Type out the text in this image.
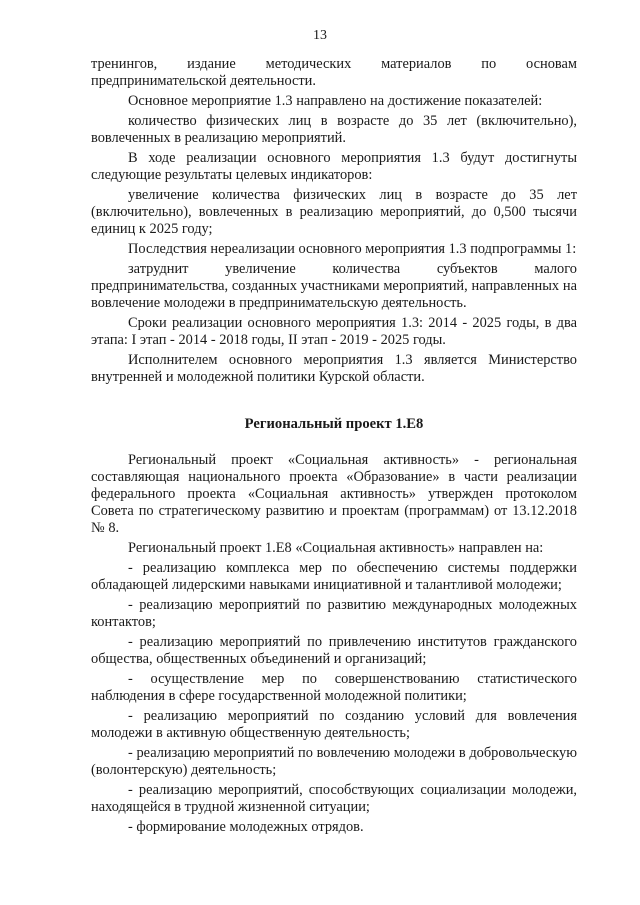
13

тренингов, издание методических материалов по основам предпринимательской деятельности.

Основное мероприятие 1.3 направлено на достижение показателей:

количество физических лиц в возрасте до 35 лет (включительно), вовлеченных в реализацию мероприятий.

В ходе реализации основного мероприятия 1.3 будут достигнуты следующие результаты целевых индикаторов:

увеличение количества физических лиц в возрасте до 35 лет (включительно), вовлеченных в реализацию мероприятий, до 0,500 тысячи единиц к 2025 году;

Последствия нереализации основного мероприятия 1.3 подпрограммы 1:

затруднит увеличение количества субъектов малого предпринимательства, созданных участниками мероприятий, направленных на вовлечение молодежи в предпринимательскую деятельность.

Сроки реализации основного мероприятия 1.3: 2014 - 2025 годы, в два этапа: I этап - 2014 - 2018 годы, II этап - 2019 - 2025 годы.

Исполнителем основного мероприятия 1.3 является Министерство внутренней и молодежной политики Курской области.

Региональный проект 1.Е8

Региональный проект «Социальная активность» - региональная составляющая национального проекта «Образование» в части реализации федерального проекта «Социальная активность» утвержден протоколом Совета по стратегическому развитию и проектам (программам) от 13.12.2018 № 8.

Региональный проект 1.Е8 «Социальная активность» направлен на:

- реализацию комплекса мер по обеспечению системы поддержки обладающей лидерскими навыками инициативной и талантливой молодежи;

- реализацию мероприятий по развитию международных молодежных контактов;

- реализацию мероприятий по привлечению институтов гражданского общества, общественных объединений и организаций;

- осуществление мер по совершенствованию статистического наблюдения в сфере государственной молодежной политики;

- реализацию мероприятий по созданию условий для вовлечения молодежи в активную общественную деятельность;

- реализацию мероприятий по вовлечению молодежи в добровольческую (волонтерскую) деятельность;

- реализацию мероприятий, способствующих социализации молодежи, находящейся в трудной жизненной ситуации;

- формирование молодежных отрядов.
